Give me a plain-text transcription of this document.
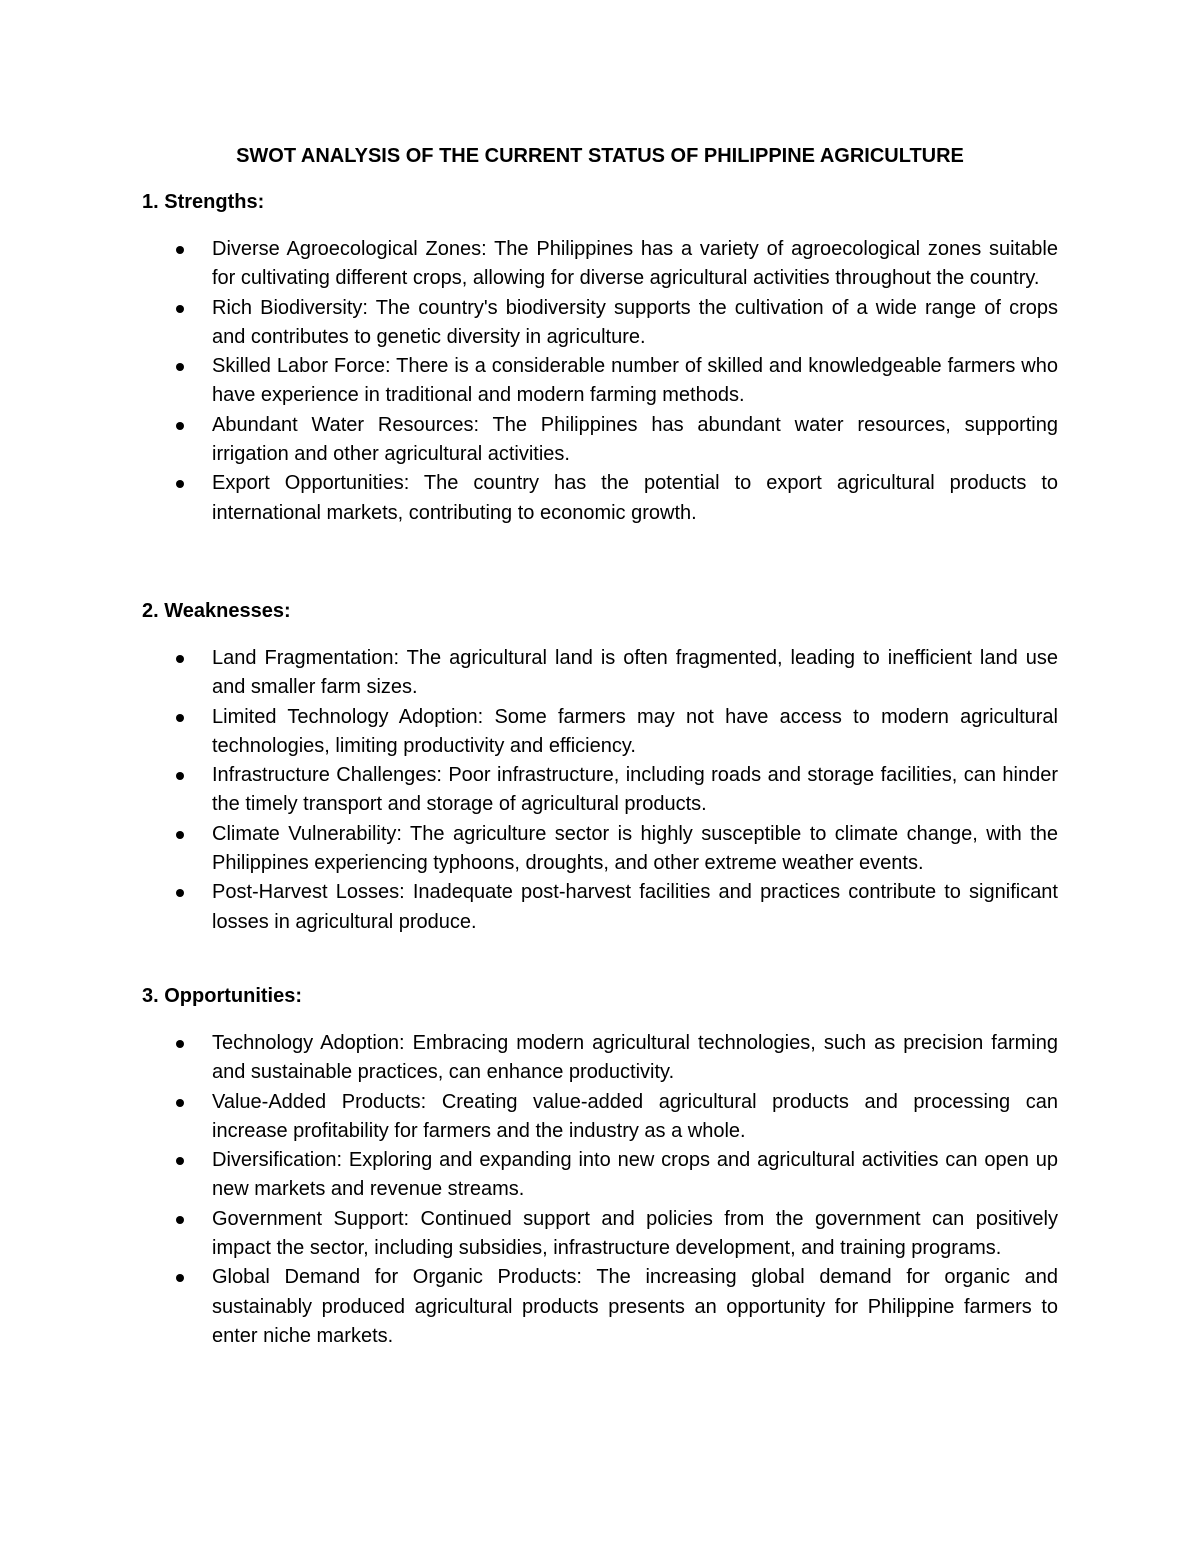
SWOT ANALYSIS OF THE CURRENT STATUS OF PHILIPPINE AGRICULTURE

1. Strengths:

Diverse Agroecological Zones: The Philippines has a variety of agroecological zones suitable for cultivating different crops, allowing for diverse agricultural activities throughout the country.
Rich Biodiversity: The country's biodiversity supports the cultivation of a wide range of crops and contributes to genetic diversity in agriculture.
Skilled Labor Force: There is a considerable number of skilled and knowledgeable farmers who have experience in traditional and modern farming methods.
Abundant Water Resources: The Philippines has abundant water resources, supporting irrigation and other agricultural activities.
Export Opportunities: The country has the potential to export agricultural products to international markets, contributing to economic growth.

2. Weaknesses:

Land Fragmentation: The agricultural land is often fragmented, leading to inefficient land use and smaller farm sizes.
Limited Technology Adoption: Some farmers may not have access to modern agricultural technologies, limiting productivity and efficiency.
Infrastructure Challenges: Poor infrastructure, including roads and storage facilities, can hinder the timely transport and storage of agricultural products.
Climate Vulnerability: The agriculture sector is highly susceptible to climate change, with the Philippines experiencing typhoons, droughts, and other extreme weather events.
Post-Harvest Losses: Inadequate post-harvest facilities and practices contribute to significant losses in agricultural produce.

3. Opportunities:

Technology Adoption: Embracing modern agricultural technologies, such as precision farming and sustainable practices, can enhance productivity.
Value-Added Products: Creating value-added agricultural products and processing can increase profitability for farmers and the industry as a whole.
Diversification: Exploring and expanding into new crops and agricultural activities can open up new markets and revenue streams.
Government Support: Continued support and policies from the government can positively impact the sector, including subsidies, infrastructure development, and training programs.
Global Demand for Organic Products: The increasing global demand for organic and sustainably produced agricultural products presents an opportunity for Philippine farmers to enter niche markets.
